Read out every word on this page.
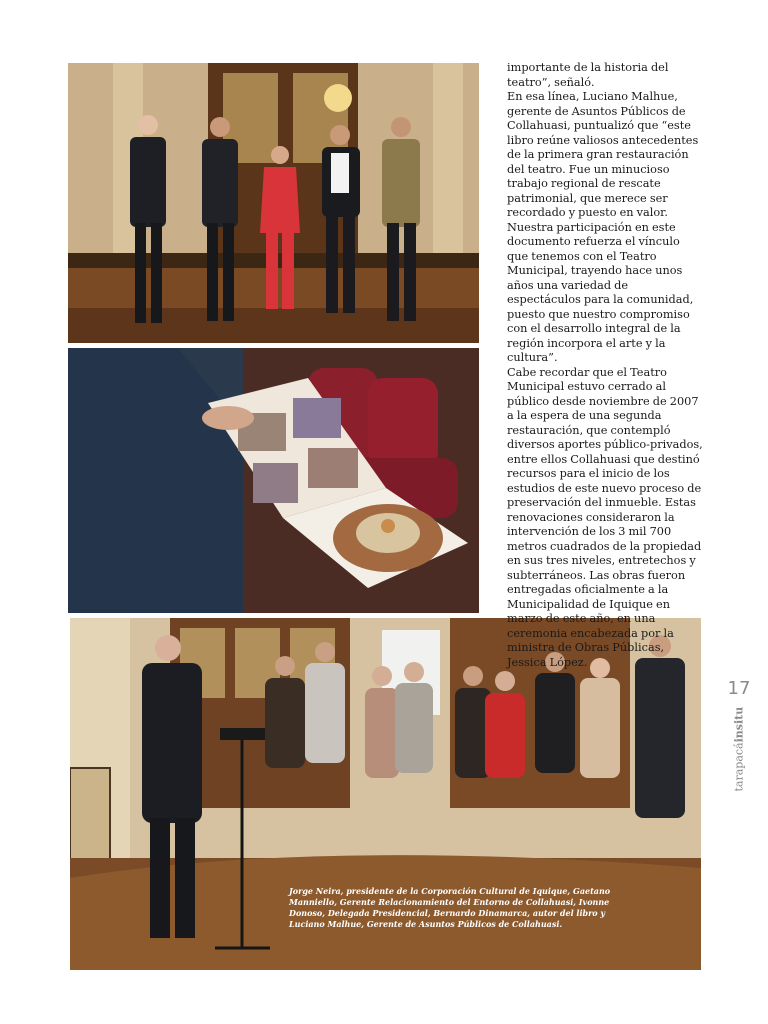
importante de la historia del teatro”, señaló.

En esa línea, Luciano Malhue, gerente de Asuntos Públicos de Collahuasi, puntualizó que “este libro reúne valiosos antecedentes de la primera gran restauración del teatro. Fue un minucioso trabajo regional de rescate patrimonial, que merece ser recordado y puesto en valor. Nuestra participación en este documento refuerza el vínculo que tenemos con el Teatro Municipal, trayendo hace unos años una variedad de espectáculos para la comunidad, puesto que nuestro compromiso con el desarrollo integral de la región incorpora el arte y la cultura”.

Cabe recordar que el Teatro Municipal estuvo cerrado al público desde noviembre de 2007 a la espera de una segunda restauración, que contempló diversos aportes público-privados, entre ellos Collahuasi que destinó recursos para el inicio de los estudios de este nuevo proceso de preservación del inmueble. Estas renovaciones consideraron la intervención de los 3 mil 700 metros cuadrados de la propiedad en sus tres niveles, entretechos y subterráneos. Las obras fueron entregadas oficialmente a la Municipalidad de Iquique en marzo de este año, en una ceremonia encabezada por la ministra de Obras Públicas, Jessica López.

Jorge Neira, presidente de la Corporación Cultural de Iquique, Gaetano Manniello, Gerente Relacionamiento del Entorno de Collahuasi, Ivonne Donoso, Delegada Presidencial, Bernardo Dinamarca, autor del libro y Luciano Malhue, Gerente de Asuntos Públicos de Collahuasi.
17
tarapacáinsitu
